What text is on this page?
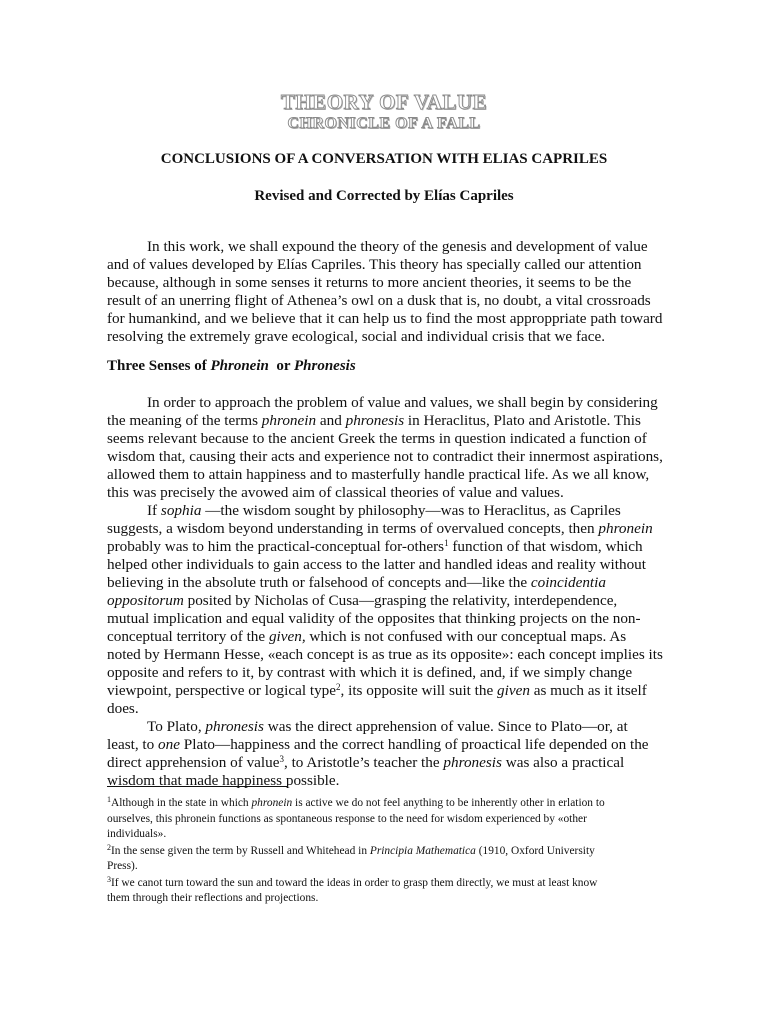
THEORY OF VALUE
CHRONICLE OF A FALL
CONCLUSIONS OF A CONVERSATION WITH ELIAS CAPRILES
Revised and Corrected by Elías Capriles
In this work, we shall expound the theory of the genesis and development of value
and of values developed by Elías Capriles. This theory has specially called our attention
because, although in some senses it returns to more ancient theories, it seems to be the
result of an unerring flight of Athenea’s owl on a dusk that is, no doubt, a vital crossroads
for humankind, and we believe that it can help us to find the most approppriate path toward
resolving the extremely grave ecological, social and individual crisis that we face.
Three Senses of Phronein  or Phronesis
In order to approach the problem of value and values, we shall begin by considering
the meaning of the terms phronein and phronesis in Heraclitus, Plato and Aristotle. This
seems relevant because to the ancient Greek the terms in question indicated a function of
wisdom that, causing their acts and experience not to contradict their innermost aspirations,
allowed them to attain happiness and to masterfully handle practical life. As we all know,
this was precisely the avowed aim of classical theories of value and values.
If sophia —the wisdom sought by philosophy—was to Heraclitus, as Capriles
suggests, a wisdom beyond understanding in terms of overvalued concepts, then phronein
probably was to him the practical-conceptual for-others$^1$ function of that wisdom, which
helped other individuals to gain access to the latter and handled ideas and reality without
believing in the absolute truth or falsehood of concepts and—like the coincidentia
oppositorum posited by Nicholas of Cusa—grasping the relativity, interdependence,
mutual implication and equal validity of the opposites that thinking projects on the non-
conceptual territory of the given, which is not confused with our conceptual maps. As
noted by Hermann Hesse, «each concept is as true as its opposite»: each concept implies its
opposite and refers to it, by contrast with which it is defined, and, if we simply change
viewpoint, perspective or logical type$^2$, its opposite will suit the given as much as it itself
does.
To Plato, phronesis was the direct apprehension of value. Since to Plato—or, at
least, to one Plato—happiness and the correct handling of proactical life depended on the
direct apprehension of value$^3$, to Aristotle’s teacher the phronesis was also a practical
wisdom that made happiness possible.
$^1$Although in the state in which phronein is active we do not feel anything to be inherently other in erlation to
ourselves, this phronein functions as spontaneous response to the need for wisdom experienced by «other
individuals».
$^2$In the sense given the term by Russell and Whitehead in Principia Mathematica (1910, Oxford University
Press).
$^3$If we canot turn toward the sun and toward the ideas in order to grasp them directly, we must at least know
them through their reflections and projections.
